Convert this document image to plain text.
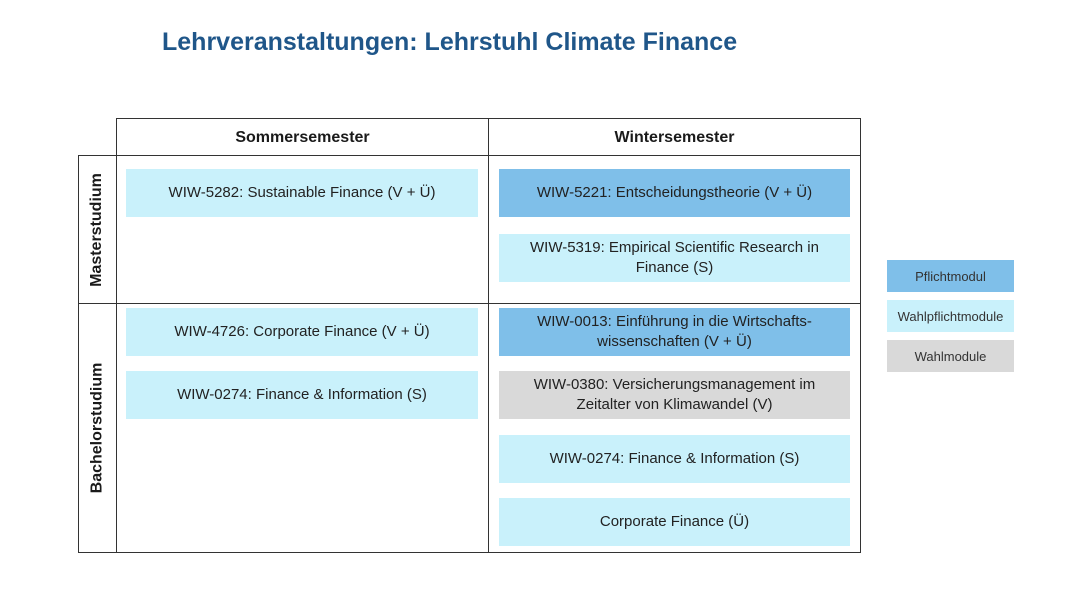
Lehrveranstaltungen: Lehrstuhl Climate Finance
Sommersemester	Wintersemester
Masterstudium
Bachelorstudium
WIW-5282: Sustainable Finance (V + Ü)	WIW-5221: Entscheidungstheorie (V + Ü)
WIW-5319: Empirical Scientific Research in Finance (S)
WIW-4726: Corporate Finance (V + Ü)
WIW-0274: Finance & Information (S)
WIW-0013: Einführung in die Wirtschafts-wissenschaften (V + Ü)
WIW-0380: Versicherungsmanagement im Zeitalter von Klimawandel (V)
WIW-0274: Finance & Information (S)
Corporate Finance (Ü)
Pflichtmodul
Wahlpflichtmodule
Wahlmodule
